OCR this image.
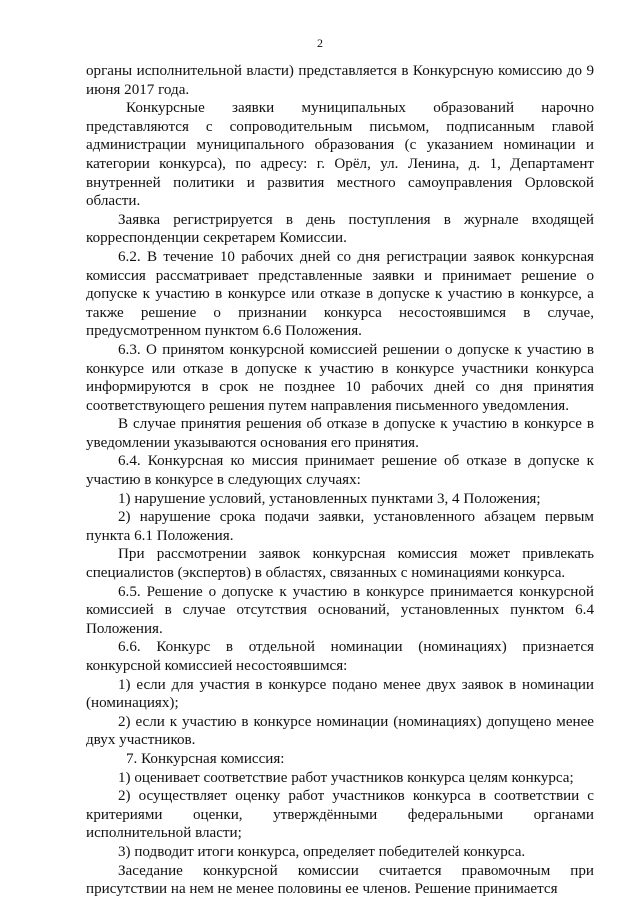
2

органы исполнительной власти) представляется в Конкурсную комиссию до 9 июня 2017 года.

Конкурсные заявки муниципальных образований нарочно представляются с сопроводительным письмом, подписанным главой администрации муниципального образования (с указанием номинации и категории конкурса), по адресу: г. Орёл, ул. Ленина, д. 1, Департамент внутренней политики и развития местного самоуправления Орловской области.

Заявка регистрируется в день поступления в журнале входящей корреспонденции секретарем Комиссии.

6.2. В течение 10 рабочих дней со дня регистрации заявок конкурсная комиссия рассматривает представленные заявки и принимает решение о допуске к участию в конкурсе или отказе в допуске к участию в конкурсе, а также решение о признании конкурса несостоявшимся в случае, предусмотренном пунктом 6.6 Положения.

6.3. О принятом конкурсной комиссией решении о допуске к участию в конкурсе или отказе в допуске к участию в конкурсе участники конкурса информируются в срок не позднее 10 рабочих дней со дня принятия соответствующего решения путем направления письменного уведомления.

В случае принятия решения об отказе в допуске к участию в конкурсе в уведомлении указываются основания его принятия.

6.4. Конкурсная ко миссия принимает решение об отказе в допуске к участию в конкурсе в следующих случаях:

1) нарушение условий, установленных пунктами 3, 4 Положения;

2) нарушение срока подачи заявки, установленного абзацем первым пункта 6.1 Положения.

При рассмотрении заявок конкурсная комиссия может привлекать специалистов (экспертов) в областях, связанных с номинациями конкурса.

6.5. Решение о допуске к участию в конкурсе принимается конкурсной комиссией в случае отсутствия оснований, установленных пунктом 6.4 Положения.

6.6. Конкурс в отдельной номинации (номинациях) признается конкурсной комиссией несостоявшимся:

1) если для участия в конкурсе подано менее двух заявок в номинации (номинациях);

2) если к участию в конкурсе номинации (номинациях) допущено менее двух участников.

7. Конкурсная комиссия:

1) оценивает соответствие работ участников конкурса целям конкурса;

2) осуществляет оценку работ участников конкурса в соответствии с критериями оценки, утверждёнными федеральными органами исполнительной власти;

3) подводит итоги конкурса, определяет победителей конкурса.

Заседание конкурсной комиссии считается правомочным при присутствии на нем не менее половины ее членов. Решение принимается
